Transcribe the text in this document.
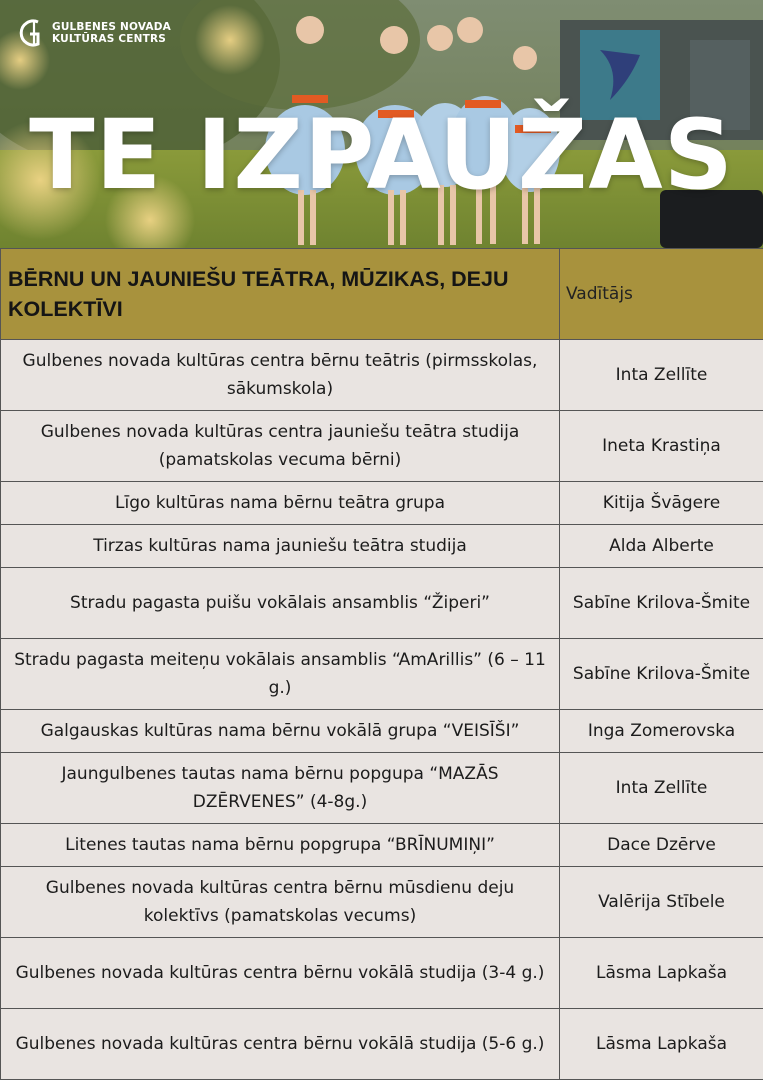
GULBENES NOVADA
KULTŪRAS CENTRS
TE IZPAUŽAS
BĒRNU UN JAUNIEŠU TEĀTRA, MŪZIKAS, DEJU KOLEKTĪVI	Vadītājs
Gulbenes novada kultūras centra bērnu teātris (pirmsskolas, sākumskola)	Inta Zellīte
Gulbenes novada kultūras centra jauniešu teātra studija (pamatskolas vecuma bērni)	Ineta Krastiņa
Līgo kultūras nama bērnu teātra grupa	Kitija Švāgere
Tirzas kultūras nama jauniešu teātra studija	Alda Alberte
Stradu pagasta puišu vokālais ansamblis “Žiperi”	Sabīne Krilova-Šmite
Stradu pagasta meiteņu vokālais ansamblis “AmArillis” (6 – 11 g.)	Sabīne Krilova-Šmite
Galgauskas kultūras nama bērnu vokālā grupa “VEISĪŠI”	Inga Zomerovska
Jaungulbenes tautas nama bērnu popgupa “MAZĀS DZĒRVENES” (4-8g.)	Inta Zellīte
Litenes tautas nama bērnu popgrupa “BRĪNUMIŅI”	Dace Dzērve
Gulbenes novada kultūras centra bērnu mūsdienu deju kolektīvs (pamatskolas vecums)	Valērija Stībele
Gulbenes novada kultūras centra bērnu vokālā studija (3-4 g.)	Lāsma Lapkaša
Gulbenes novada kultūras centra bērnu vokālā studija (5-6 g.)	Lāsma Lapkaša
